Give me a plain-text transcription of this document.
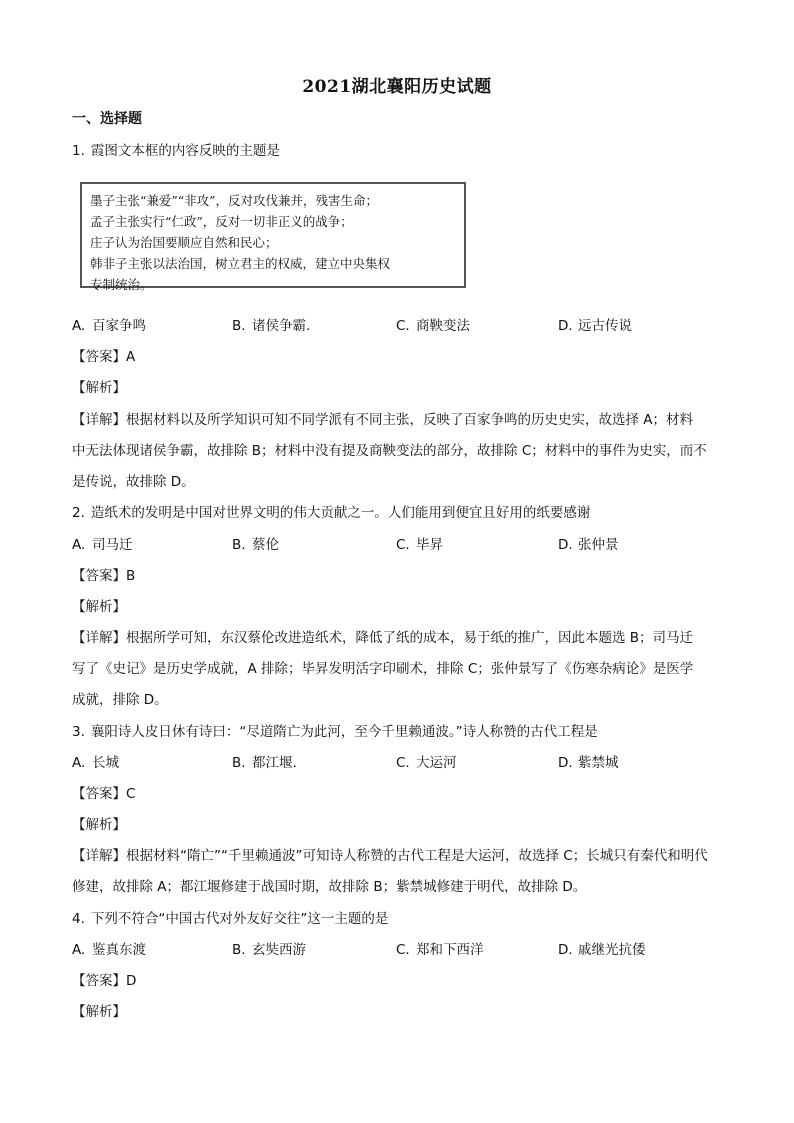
2021湖北襄阳历史试题
一、选择题
1. 霞图文本框的内容反映的主题是
墨子主张“兼爱”“非攻”，反对攻伐兼并，残害生命；
孟子主张实行“仁政”，反对一切非正义的战争；
庄子认为治国要顺应自然和民心；
韩非子主张以法治国，树立君主的权威，建立中央集权
专制统治。
A. 百家争鸣	B. 诸侯争霸.	C. 商鞅变法	D. 远古传说
【答案】A
【解析】
【详解】根据材料以及所学知识可知不同学派有不同主张，反映了百家争鸣的历史史实，故选择 A；材料
中无法体现诸侯争霸，故排除 B；材料中没有提及商鞅变法的部分，故排除 C；材料中的事件为史实，而不
是传说，故排除 D。
2. 造纸术的发明是中国对世界文明的伟大贡献之一。人们能用到便宜且好用的纸要感谢
A. 司马迁	B. 蔡伦	C. 毕昇	D. 张仲景
【答案】B
【解析】
【详解】根据所学可知，东汉蔡伦改进造纸术，降低了纸的成本，易于纸的推广，因此本题选 B；司马迁
写了《史记》是历史学成就，A 排除；毕昇发明活字印刷术，排除 C；张仲景写了《伤寒杂病论》是医学
成就，排除 D。
3. 襄阳诗人皮日休有诗曰：“尽道隋亡为此河，至今千里赖通波。”诗人称赞的古代工程是
A. 长城	B. 都江堰.	C. 大运河	D. 紫禁城
【答案】C
【解析】
【详解】根据材料“隋亡”“千里赖通波”可知诗人称赞的古代工程是大运河，故选择 C；长城只有秦代和明代
修建，故排除 A；都江堰修建于战国时期，故排除 B；紫禁城修建于明代，故排除 D。
4. 下列不符合“中国古代对外友好交往”这一主题的是
A. 鉴真东渡	B. 玄奘西游	C. 郑和下西洋	D. 戚继光抗倭
【答案】D
【解析】
